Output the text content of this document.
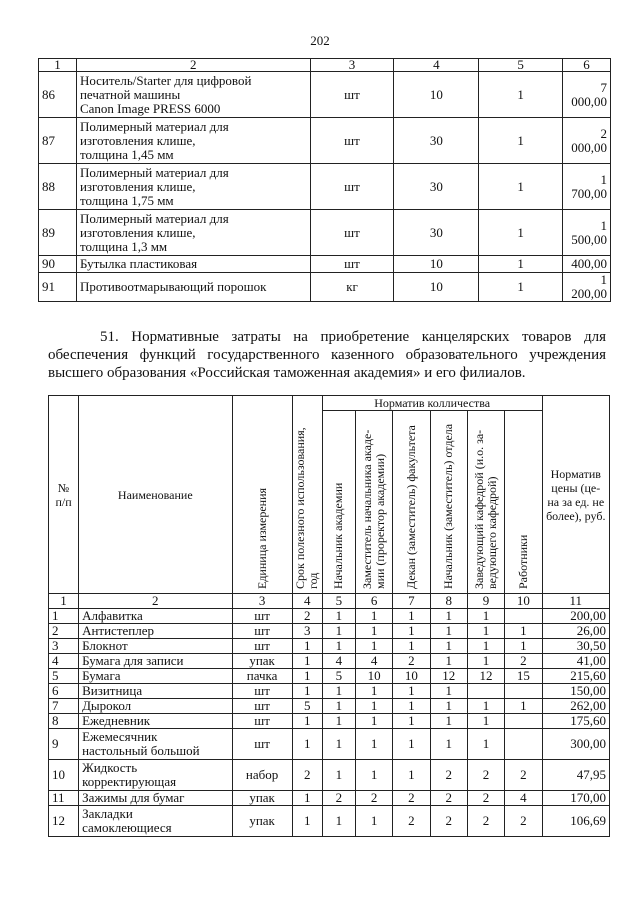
202
1	2	3	4	5	6
86	Носитель/Starter для цифровой
печатной машины
Canon Image PRESS 6000	шт	10	1	7 000,00
87	Полимерный материал для
изготовления клише,
толщина 1,45 мм	шт	30	1	2 000,00
88	Полимерный материал для
изготовления клише,
толщина 1,75 мм	шт	30	1	1 700,00
89	Полимерный материал для
изготовления клише,
толщина 1,3 мм	шт	30	1	1 500,00
90	Бутылка пластиковая	шт	10	1	400,00
91	Противоотмарывающий порошок	кг	10	1	1 200,00
51. Нормативные затраты на приобретение канцелярских товаров для обеспечения функций государственного казенного образовательного учреждения высшего образования «Российская таможенная академия» и его филиалов.
№ п/п	Наименование	Единица измерения	Срок полезного использования, год	Норматив колличества						Норматив цены (це-на за ед. не более), руб.

				Начальник академии	Заместитель начальника акаде-мии (проректор академии)	Декан (заместитель) факультета	Начальник (заместитель) отдела	Заведующий кафедрой (и.о. за-ведующего кафедрой)	Работники	

1	2	3	4	5	6	7	8	9	10	11
1	Алфавитка	шт	2	1	1	1	1	1		200,00
2	Антистеплер	шт	3	1	1	1	1	1	1	26,00
3	Блокнот	шт	1	1	1	1	1	1	1	30,50
4	Бумага для записи	упак	1	4	4	2	1	1	2	41,00
5	Бумага	пачка	1	5	10	10	12	12	15	215,60
6	Визитница	шт	1	1	1	1	1			150,00
7	Дырокол	шт	5	1	1	1	1	1	1	262,00
8	Ежедневник	шт	1	1	1	1	1	1		175,60
9	Ежемесячник
настольный большой	шт	1	1	1	1	1	1		300,00
10	Жидкость
корректирующая	набор	2	1	1	1	2	2	2	47,95
11	Зажимы для бумаг	упак	1	2	2	2	2	2	4	170,00
12	Закладки
самоклеющиеся	упак	1	1	1	2	2	2	2	106,69
